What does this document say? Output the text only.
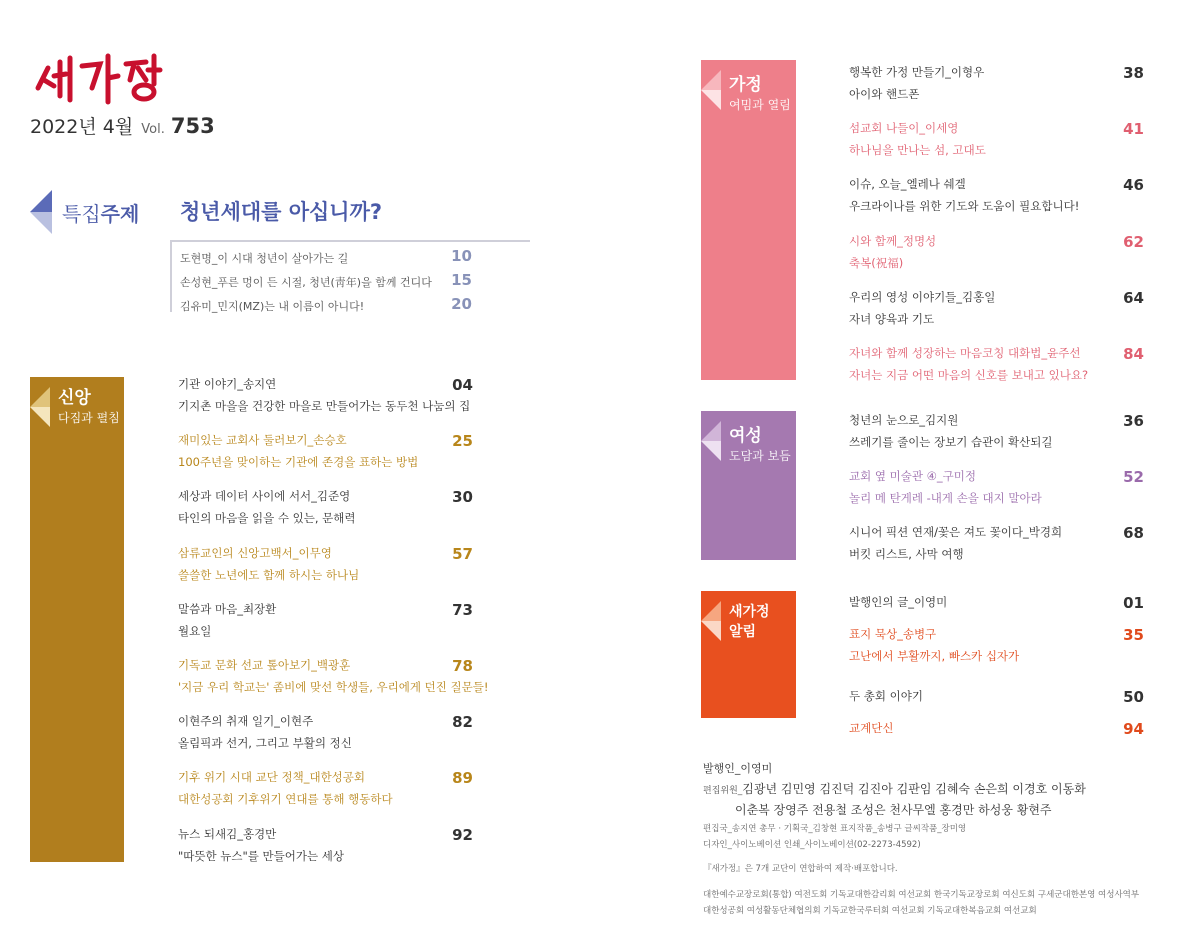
2022년 4월 Vol. 753
특집주제 청년세대를 아십니까?
도현명_이 시대 청년이 살아가는 길	10
손성현_푸른 멍이 든 시절, 청년(靑年)을 함께 건디다 15
김유미_민지(MZ)는 내 이름이 아니다!	20
신앙
다짐과 펼침
가정
여밈과 열림
여성
도담과 보듬
새가정
알림
기관 이야기_송지연
기지촌 마을을 건강한 마을로 만들어가는 동두천 나눔의 집
04
재미있는 교회사 둘러보기_손승호
100주년을 맞이하는 기관에 존경을 표하는 방법
25
세상과 데이터 사이에 서서_김준영
타인의 마음을 읽을 수 있는, 문해력
30
삼류교인의 신앙고백서_이무영
쓸쓸한 노년에도 함께 하시는 하나님
57
말씀과 마음_최장환
월요일
73
기독교 문화 선교 톺아보기_백광훈
'지금 우리 학교는' 좀비에 맞선 학생들, 우리에게 던진 질문들!
78
이현주의 취재 일기_이현주
올림픽과 선거, 그리고 부활의 정신
82
기후 위기 시대 교단 정책_대한성공회
대한성공회 기후위기 연대를 통해 행동하다
89
뉴스 되새김_홍경만
"따뜻한 뉴스"를 만들어가는 세상
92
행복한 가정 만들기_이형우
아이와 핸드폰
38
섬교회 나들이_이세영
하나님을 만나는 섬, 고대도
41
이슈, 오늘_엘레나 쉐겔
우크라이나를 위한 기도와 도움이 필요합니다!
46
시와 함께_정명성
축복(祝福)
62
우리의 영성 이야기들_김홍일
자녀 양육과 기도
64
자녀와 함께 성장하는 마음코칭 대화법_윤주선
자녀는 지금 어떤 마음의 신호를 보내고 있나요?
84
청년의 눈으로_김지원
쓰레기를 줄이는 장보기 습관이 확산되길
36
교회 옆 미술관 ④_구미정
놀리 메 탄게레 -내게 손을 대지 말아라
52
시니어 픽션 연재/꽃은 져도 꽃이다_박경희
버킷 리스트, 사막 여행
68
발행인의 글_이영미	01
표지 묵상_송병구
고난에서 부활까지, 빠스카 십자가
35
두 총회 이야기	50
교계단신	94
발행인_이영미
편집위원_김광년 김민영 김진덕 김진아 김판임 김혜숙 손은희 이경호 이동화
이춘복 장영주 전용철 조성은 천사무엘 홍경만 하성웅 황현주
편집국_송지연 총무 · 기획국_김창현 표지작품_송병구 글씨작품_장미영
디자인_사이노베이션 인쇄_사이노베이션(02-2273-4592)
『새가정』은 7개 교단이 연합하여 제작·배포합니다.
대한예수교장로회(통합) 여전도회 기독교대한감리회 여선교회 한국기독교장로회 여신도회 구세군대한본영 여성사역부
대한성공회 여성활동단체협의회 기독교한국루터회 여선교회 기독교대한복음교회 여선교회
